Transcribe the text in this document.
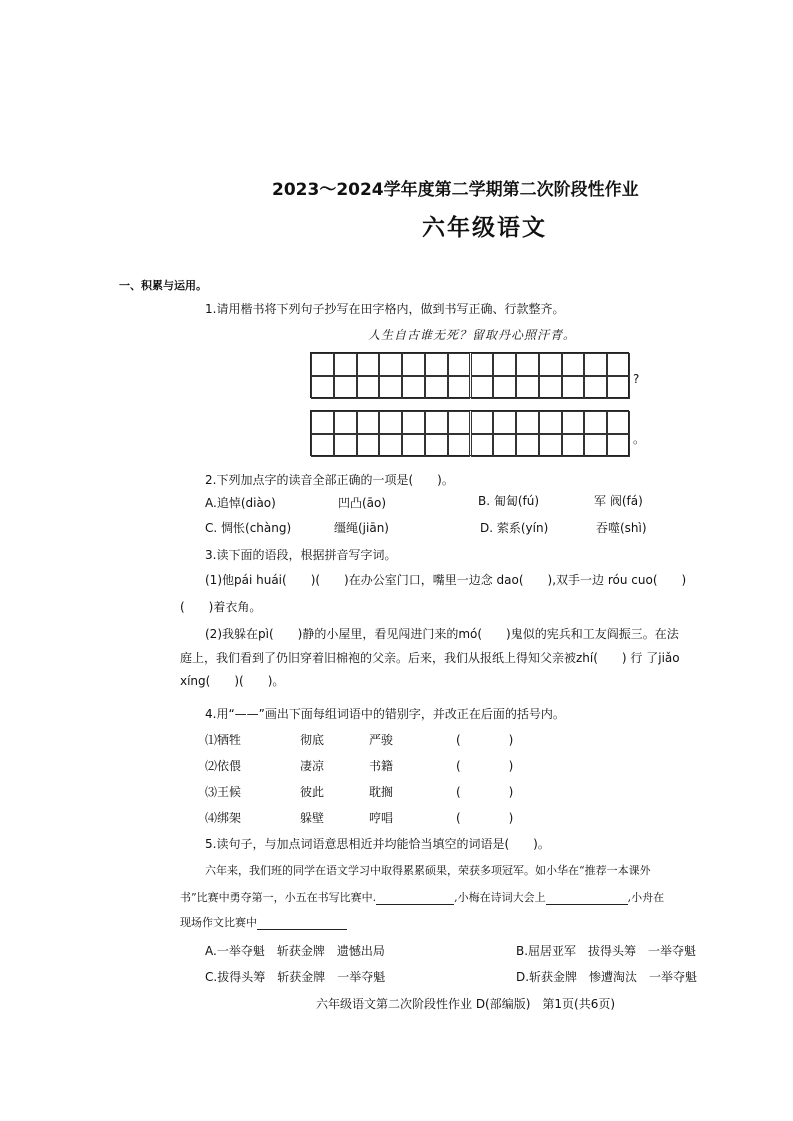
2023～2024学年度第二学期第二次阶段性作业
六年级语文
一、积累与运用。
1.请用楷书将下列句子抄写在田字格内，做到书写正确、行款整齐。
人生自古谁无死？留取丹心照汗青。
?
。
2.下列加点字的读音全部正确的一项是(　　)。
A.追悼(diào)	凹凸(āo)	B. 匍匐(fú)	军 阀(fá)
C. 惆怅(chàng)	缰绳(jiān)	D. 萦系(yín)	吞噬(shì)
3.读下面的语段，根据拼音写字词。
(1)他pái huái(　　)(　　)在办公室门口，嘴里一边念 dao(　　),双手一边 róu cuo(　　)
(　　)着衣角。
(2)我躲在pì(　　)静的小屋里，看见闯进门来的mó(　　)鬼似的宪兵和工友阎振三。在法
庭上，我们看到了仍旧穿着旧棉袍的父亲。后来，我们从报纸上得知父亲被zhí(　　) 行 了jiǎo
xíng(　　)(　　)。
4.用“——”画出下面每组词语中的错别字，并改正在后面的括号内。
⑴牺牲	彻底	严骏	(　　　　)
⑵依偎	凄凉	书籍	(　　　　)
⑶王候	彼此	耽搁	(　　　　)
⑷绑架	躲壁	哼唱	(　　　　)
5.读句子，与加点词语意思相近并均能恰当填空的词语是(　　)。
六年来，我们班的同学在语文学习中取得累累硕果，荣获多项冠军。如小华在“推荐一本课外
书”比赛中勇夺第一，小五在书写比赛中.	,小梅在诗词大会上	,小舟在
现场作文比赛中
A.一举夺魁　斩获金牌　遗憾出局	B.屈居亚军　拔得头筹　一举夺魁
C.拔得头筹　斩获金牌　一举夺魁	D.斩获金牌　惨遭淘汰　一举夺魁
六年级语文第二次阶段性作业 D(部编版)　第1页(共6页)
